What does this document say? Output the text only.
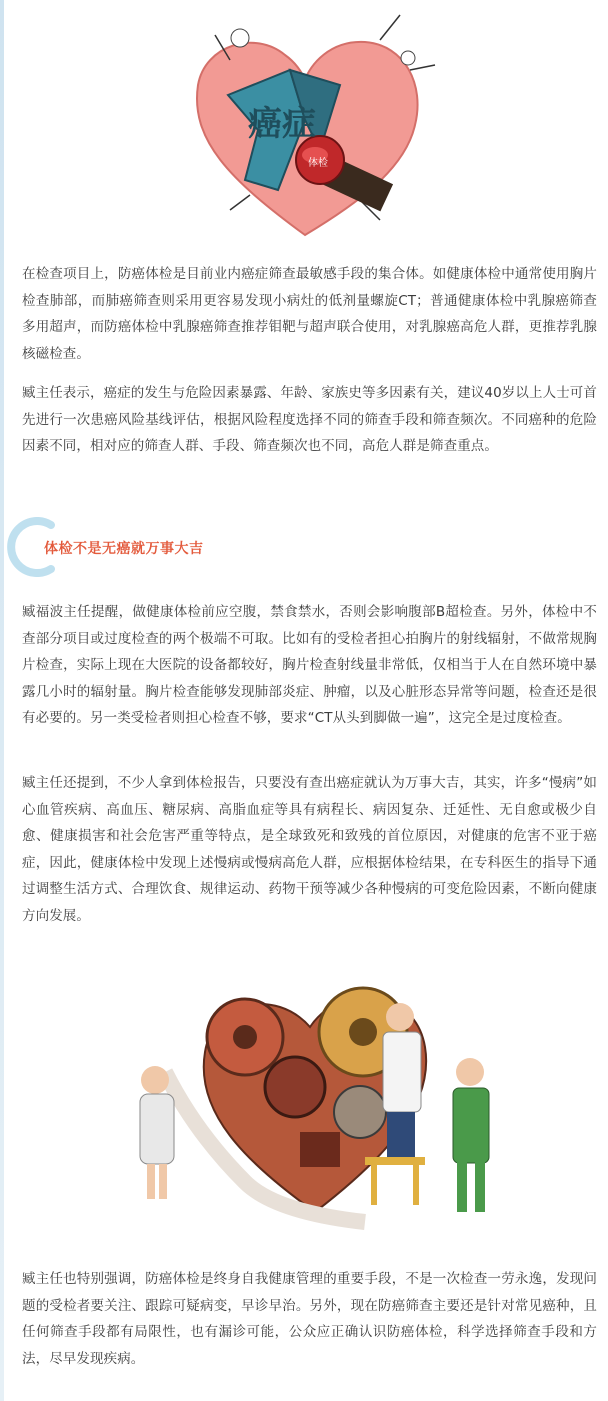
体检
癌症

在检查项目上，防癌体检是目前业内癌症筛查最敏感手段的集合体。如健康体检中通常使用胸片检查肺部，而肺癌筛查则采用更容易发现小病灶的低剂量螺旋CT；普通健康体检中乳腺癌筛查多用超声，而防癌体检中乳腺癌筛查推荐钼靶与超声联合使用，对乳腺癌高危人群，更推荐乳腺核磁检查。

臧主任表示，癌症的发生与危险因素暴露、年龄、家族史等多因素有关，建议40岁以上人士可首先进行一次患癌风险基线评估，根据风险程度选择不同的筛查手段和筛查频次。不同癌种的危险因素不同，相对应的筛查人群、手段、筛查频次也不同，高危人群是筛查重点。

体检不是无癌就万事大吉

臧福波主任提醒，做健康体检前应空腹，禁食禁水，否则会影响腹部B超检查。另外，体检中不查部分项目或过度检查的两个极端不可取。比如有的受检者担心拍胸片的射线辐射，不做常规胸片检查，实际上现在大医院的设备都较好，胸片检查射线量非常低，仅相当于人在自然环境中暴露几小时的辐射量。胸片检查能够发现肺部炎症、肿瘤，以及心脏形态异常等问题，检查还是很有必要的。另一类受检者则担心检查不够，要求“CT从头到脚做一遍”，这完全是过度检查。

臧主任还提到，不少人拿到体检报告，只要没有查出癌症就认为万事大吉，其实，许多“慢病”如心血管疾病、高血压、糖尿病、高脂血症等具有病程长、病因复杂、迁延性、无自愈或极少自愈、健康损害和社会危害严重等特点，是全球致死和致残的首位原因，对健康的危害不亚于癌症，因此，健康体检中发现上述慢病或慢病高危人群，应根据体检结果，在专科医生的指导下通过调整生活方式、合理饮食、规律运动、药物干预等减少各种慢病的可变危险因素，不断向健康方向发展。

臧主任也特别强调，防癌体检是终身自我健康管理的重要手段，不是一次检查一劳永逸，发现问题的受检者要关注、跟踪可疑病变，早诊早治。另外，现在防癌筛查主要还是针对常见癌种，且任何筛查手段都有局限性，也有漏诊可能，公众应正确认识防癌体检，科学选择筛查手段和方法，尽早发现疾病。
